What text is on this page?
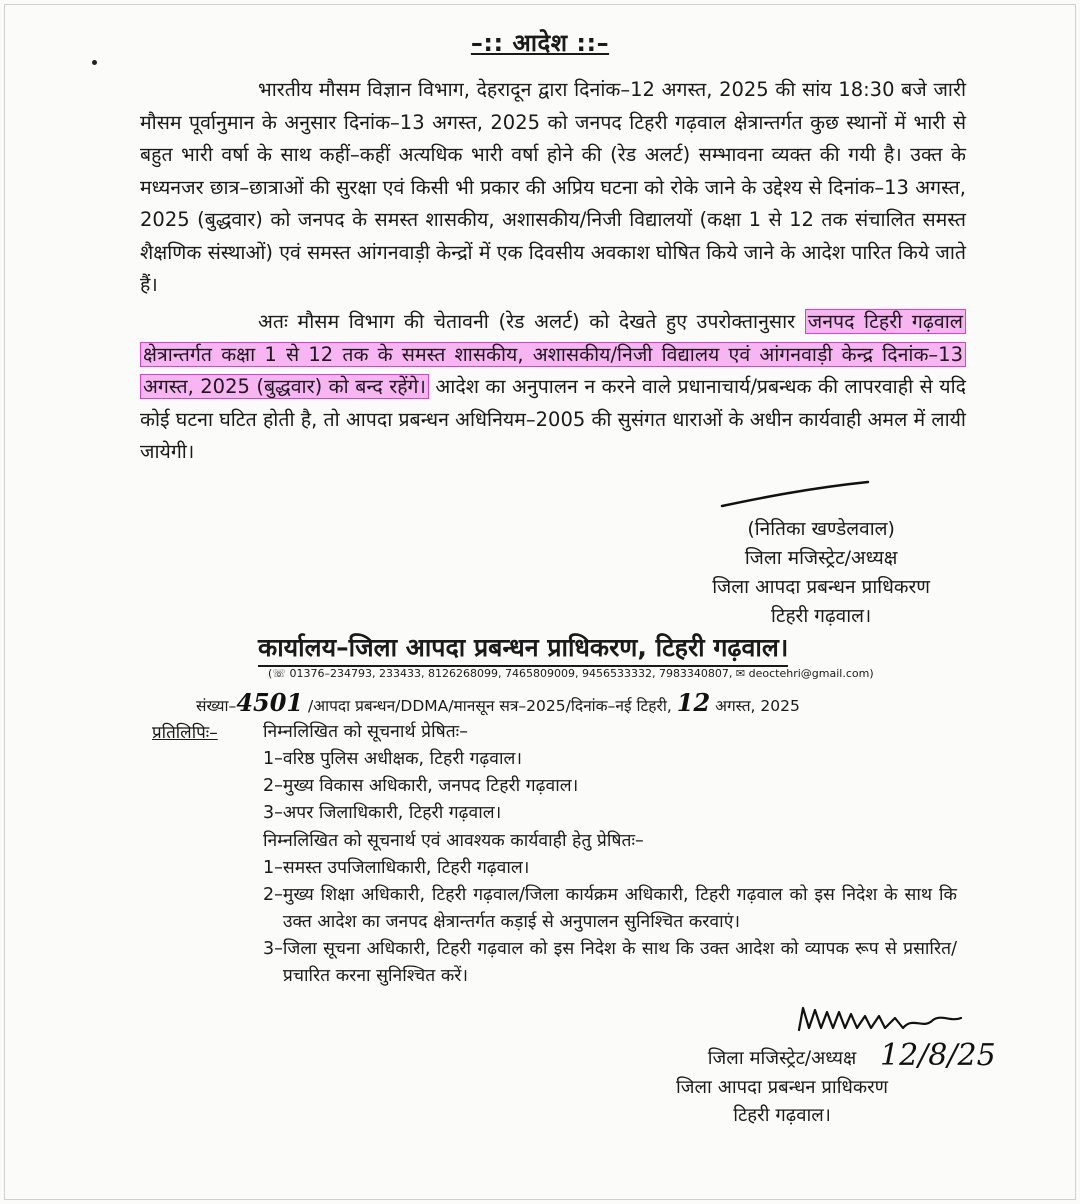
–:: आदेश ::–
भारतीय मौसम विज्ञान विभाग, देहरादून द्वारा दिनांक–12 अगस्त, 2025 की सांय 18:30 बजे जारी मौसम पूर्वानुमान के अनुसार दिनांक–13 अगस्त, 2025 को जनपद टिहरी गढ़वाल क्षेत्रान्तर्गत कुछ स्थानों में भारी से बहुत भारी वर्षा के साथ कहीं–कहीं अत्यधिक भारी वर्षा होने की (रेड अलर्ट) सम्भावना व्यक्त की गयी है। उक्त के मध्यनजर छात्र–छात्राओं की सुरक्षा एवं किसी भी प्रकार की अप्रिय घटना को रोके जाने के उद्देश्य से दिनांक–13 अगस्त, 2025 (बुद्धवार) को जनपद के समस्त शासकीय, अशासकीय/निजी विद्यालयों (कक्षा 1 से 12 तक संचालित समस्त शैक्षणिक संस्थाओं) एवं समस्त आंगनवाड़ी केन्द्रों में एक दिवसीय अवकाश घोषित किये जाने के आदेश पारित किये जाते हैं।
अतः मौसम विभाग की चेतावनी (रेड अलर्ट) को देखते हुए उपरोक्तानुसार जनपद टिहरी गढ़वाल क्षेत्रान्तर्गत कक्षा 1 से 12 तक के समस्त शासकीय, अशासकीय/निजी विद्यालय एवं आंगनवाड़ी केन्द्र दिनांक–13 अगस्त, 2025 (बुद्धवार) को बन्द रहेंगे। आदेश का अनुपालन न करने वाले प्रधानाचार्य/प्रबन्धक की लापरवाही से यदि कोई घटना घटित होती है, तो आपदा प्रबन्धन अधिनियम–2005 की सुसंगत धाराओं के अधीन कार्यवाही अमल में लायी जायेगी।
(नितिका खण्डेलवाल)
जिला मजिस्ट्रेट/अध्यक्ष
जिला आपदा प्रबन्धन प्राधिकरण
टिहरी गढ़वाल।
कार्यालय–जिला आपदा प्रबन्धन प्राधिकरण, टिहरी गढ़वाल।
(☏ 01376–234793, 233433, 8126268099, 7465809009, 9456533332, 7983340807, ✉ deoctehri@gmail.com)
संख्या–4501 /आपदा प्रबन्धन/DDMA/मानसून सत्र–2025/दिनांक–नई टिहरी, 12 अगस्त, 2025
प्रतिलिपिः–	निम्नलिखित को सूचनार्थ प्रेषितः–
1–वरिष्ठ पुलिस अधीक्षक, टिहरी गढ़वाल।
2–मुख्य विकास अधिकारी, जनपद टिहरी गढ़वाल।
3–अपर जिलाधिकारी, टिहरी गढ़वाल।
निम्नलिखित को सूचनार्थ एवं आवश्यक कार्यवाही हेतु प्रेषितः–
1– समस्त उपजिलाधिकारी, टिहरी गढ़वाल।
2– मुख्य शिक्षा अधिकारी, टिहरी गढ़वाल/जिला कार्यक्रम अधिकारी, टिहरी गढ़वाल को इस निदेश के साथ कि उक्त आदेश का जनपद क्षेत्रान्तर्गत कड़ाई से अनुपालन सुनिश्चित करवाएं।
3– जिला सूचना अधिकारी, टिहरी गढ़वाल को इस निदेश के साथ कि उक्त आदेश को व्यापक रूप से प्रसारित/प्रचारित करना सुनिश्चित करें।
जिला मजिस्ट्रेट/अध्यक्ष
जिला आपदा प्रबन्धन प्राधिकरण
टिहरी गढ़वाल।
12/8/25
